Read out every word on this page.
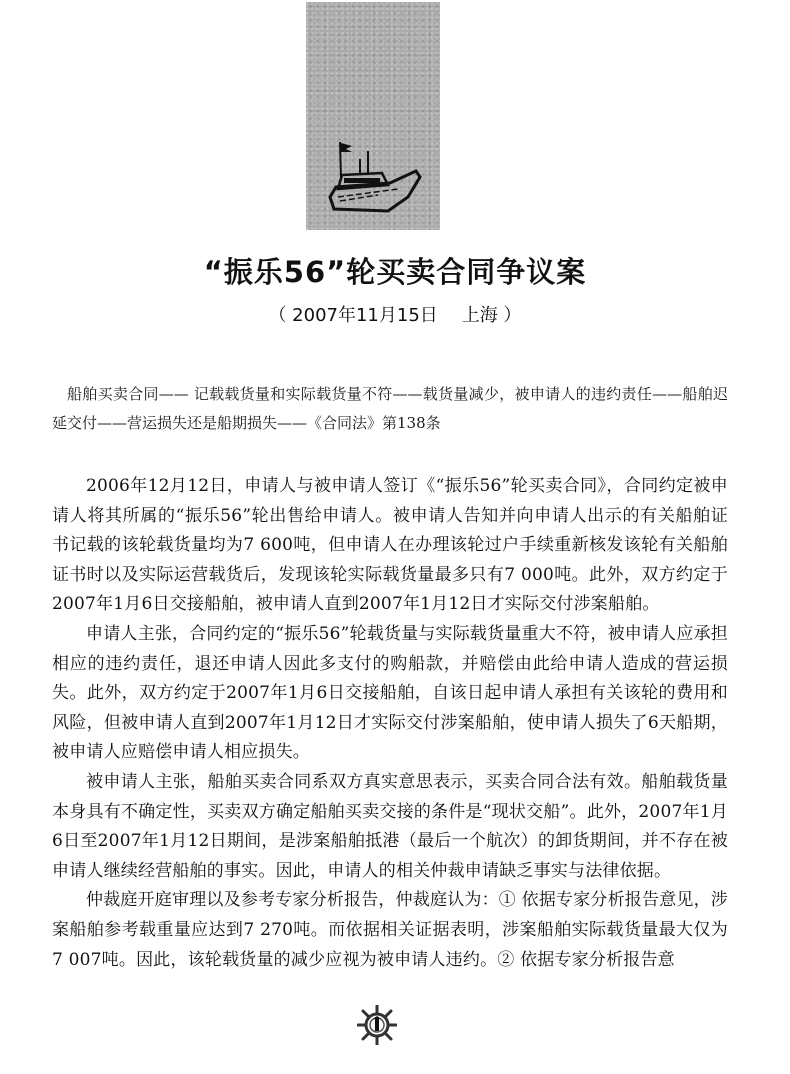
“振乐56”轮买卖合同争议案
（ 2007年11月15日 上海 ）
船舶买卖合同—— 记载载货量和实际载货量不符——载货量减少，被申请人的违约责任——船舶迟延交付——营运损失还是船期损失——《合同法》第138条

2006年12月12日，申请人与被申请人签订《“振乐56”轮买卖合同》，合同约定被申请人将其所属的“振乐56”轮出售给申请人。被申请人告知并向申请人出示的有关船舶证书记载的该轮载货量均为7 600吨，但申请人在办理该轮过户手续重新核发该轮有关船舶证书时以及实际运营载货后，发现该轮实际载货量最多只有7 000吨。此外，双方约定于2007年1月6日交接船舶，被申请人直到2007年1月12日才实际交付涉案船舶。

申请人主张，合同约定的“振乐56”轮载货量与实际载货量重大不符，被申请人应承担相应的违约责任，退还申请人因此多支付的购船款，并赔偿由此给申请人造成的营运损失。此外，双方约定于2007年1月6日交接船舶，自该日起申请人承担有关该轮的费用和风险，但被申请人直到2007年1月12日才实际交付涉案船舶，使申请人损失了6天船期，被申请人应赔偿申请人相应损失。

被申请人主张，船舶买卖合同系双方真实意思表示，买卖合同合法有效。船舶载货量本身具有不确定性，买卖双方确定船舶买卖交接的条件是“现状交船”。此外，2007年1月6日至2007年1月12日期间，是涉案船舶抵港（最后一个航次）的卸货期间，并不存在被申请人继续经营船舶的事实。因此，申请人的相关仲裁申请缺乏事实与法律依据。

仲裁庭开庭审理以及参考专家分析报告，仲裁庭认为：① 依据专家分析报告意见，涉案船舶参考载重量应达到7 270吨。而依据相关证据表明，涉案船舶实际载货量最大仅为7 007吨。因此，该轮载货量的减少应视为被申请人违约。② 依据专家分析报告意
